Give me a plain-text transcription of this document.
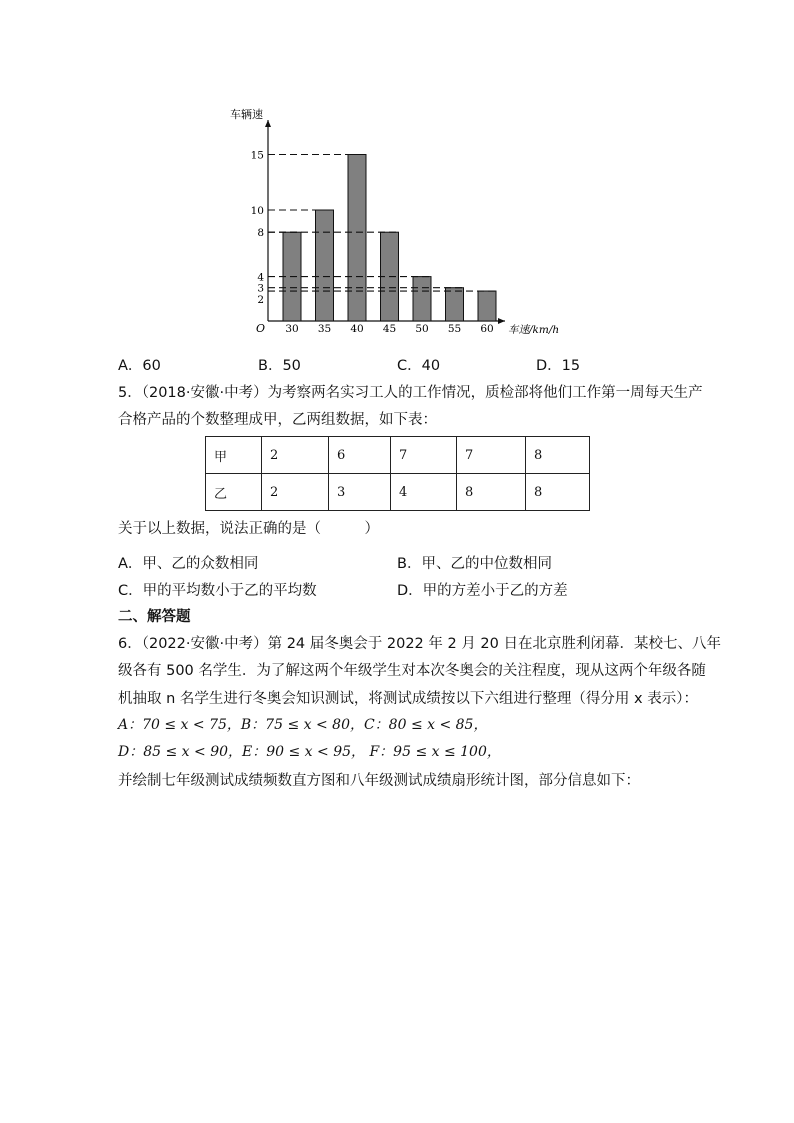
车辆速
车速/km/h
O 30 35 40 45 50 55 60
2
3
4
8
10
15
A．60	B．50	C．40	D．15
5．（2018·安徽·中考）为考察两名实习工人的工作情况，质检部将他们工作第一周每天生产
合格产品的个数整理成甲，乙两组数据，如下表：
甲	2	6	7	7	8
乙	2	3	4	8	8
关于以上数据，说法正确的是（　　　）
A．甲、乙的众数相同	B．甲、乙的中位数相同
C．甲的平均数小于乙的平均数	D．甲的方差小于乙的方差
二、解答题
6．（2022·安徽·中考）第 24 届冬奥会于 2022 年 2 月 20 日在北京胜利闭幕．某校七、八年
级各有 500 名学生．为了解这两个年级学生对本次冬奥会的关注程度，现从这两个年级各随
机抽取 n 名学生进行冬奥会知识测试，将测试成绩按以下六组进行整理（得分用 x 表示）：
A：70 ≤ x < 75，B：75 ≤ x < 80，C：80 ≤ x < 85，
D：85 ≤ x < 90，E：90 ≤ x < 95， F：95 ≤ x ≤ 100，
并绘制七年级测试成绩频数直方图和八年级测试成绩扇形统计图，部分信息如下：
